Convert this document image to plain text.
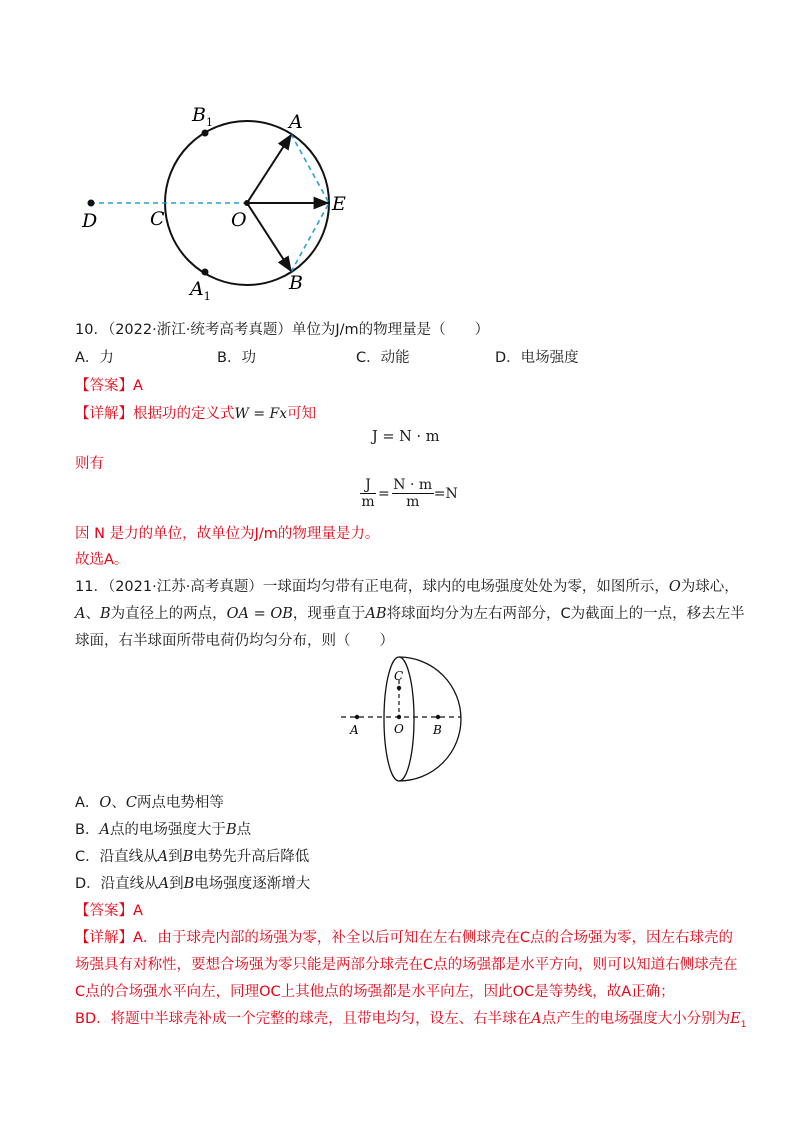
$B_1$	A
D	C	O
E
$A_1$
B
10．（2022·浙江·统考高考真题）单位为J/m的物理量是（　　）
A．力	B．功	C．动能	D．电场强度
【答案】A
【详解】根据功的定义式W = Fx可知
J = N · m
则有
J
m
=
N · m
m
=N
因 N 是力的单位，故单位为J/m的物理量是力。
故选A。
11．（2021·江苏·高考真题）一球面均匀带有正电荷，球内的电场强度处处为零，如图所示，O为球心，
A、B为直径上的两点，OA = OB，现垂直于AB将球面均分为左右两部分，C为截面上的一点，移去左半
球面，右半球面所带电荷仍均匀分布，则（　　）
C
A	O B
A．O、C两点电势相等
B．A点的电场强度大于B点
C．沿直线从A到B电势先升高后降低
D．沿直线从A到B电场强度逐渐增大
【答案】A
【详解】A．由于球壳内部的场强为零，补全以后可知在左右侧球壳在C点的合场强为零，因左右球壳的
场强具有对称性，要想合场强为零只能是两部分球壳在C点的场强都是水平方向，则可以知道右侧球壳在
C点的合场强水平向左，同理OC上其他点的场强都是水平向左，因此OC是等势线，故A正确；
BD．将题中半球壳补成一个完整的球壳，且带电均匀，设左、右半球在A点产生的电场强度大小分别为$E_1$
